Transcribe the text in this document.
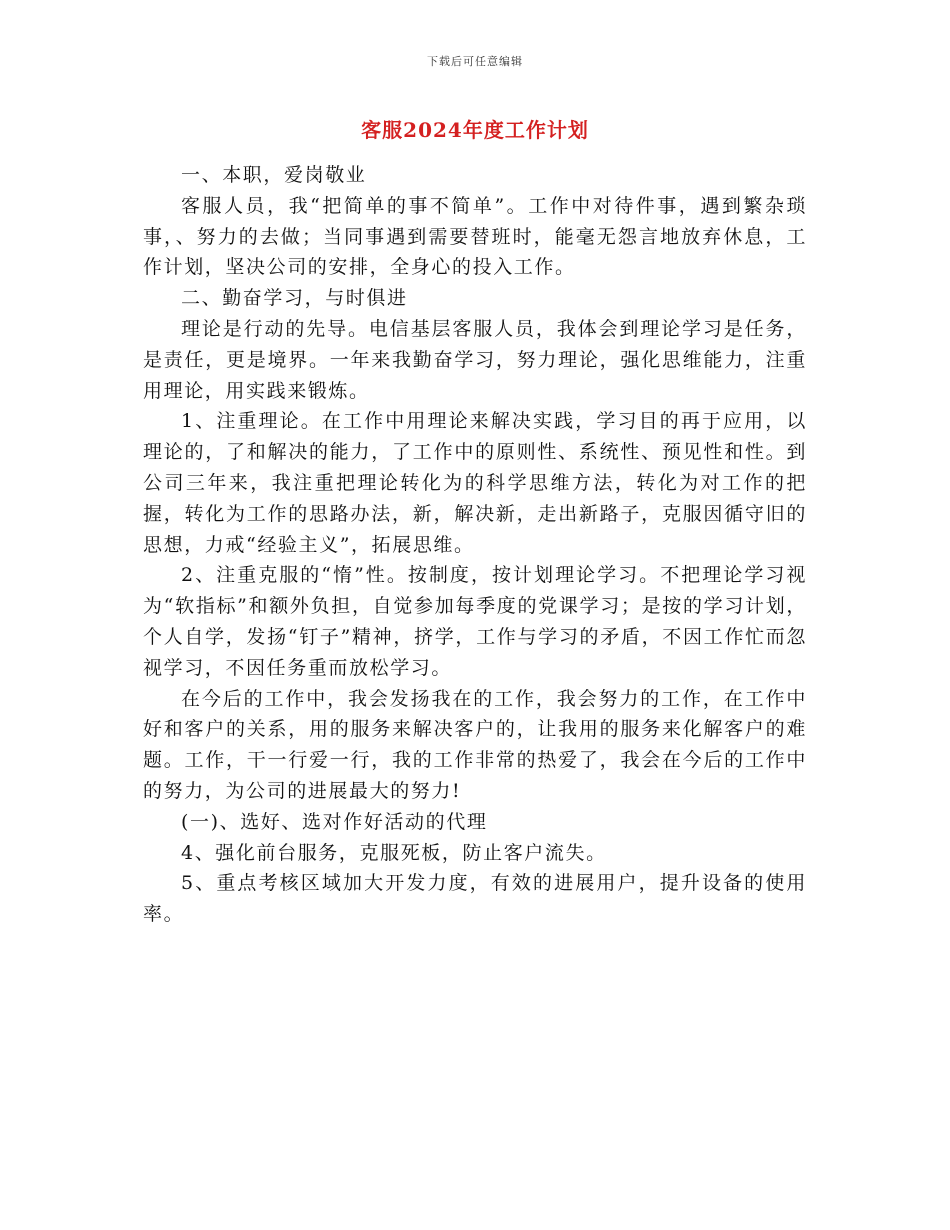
下载后可任意编辑
客服2024年度工作计划

一、本职，爱岗敬业

客服人员，我“把简单的事不简单”。工作中对待件事，遇到繁杂琐事，、努力的去做；当同事遇到需要替班时，能毫无怨言地放弃休息，工作计划，坚决公司的安排，全身心的投入工作。

二、勤奋学习，与时俱进

理论是行动的先导。电信基层客服人员，我体会到理论学习是任务，是责任，更是境界。一年来我勤奋学习，努力理论，强化思维能力，注重用理论，用实践来锻炼。

1、注重理论。在工作中用理论来解决实践，学习目的再于应用，以理论的，了和解决的能力，了工作中的原则性、系统性、预见性和性。到公司三年来，我注重把理论转化为的科学思维方法，转化为对工作的把握，转化为工作的思路办法，新，解决新，走出新路子，克服因循守旧的思想，力戒“经验主义”，拓展思维。

2、注重克服的“惰”性。按制度，按计划理论学习。不把理论学习视为“软指标”和额外负担，自觉参加每季度的党课学习；是按的学习计划，个人自学，发扬“钉子”精神，挤学，工作与学习的矛盾，不因工作忙而忽视学习，不因任务重而放松学习。

在今后的工作中，我会发扬我在的工作，我会努力的工作，在工作中好和客户的关系，用的服务来解决客户的，让我用的服务来化解客户的难题。工作，干一行爱一行，我的工作非常的热爱了，我会在今后的工作中的努力，为公司的进展最大的努力!

(一)、选好、选对作好活动的代理

4、强化前台服务，克服死板，防止客户流失。

5、重点考核区域加大开发力度，有效的进展用户，提升设备的使用率。
